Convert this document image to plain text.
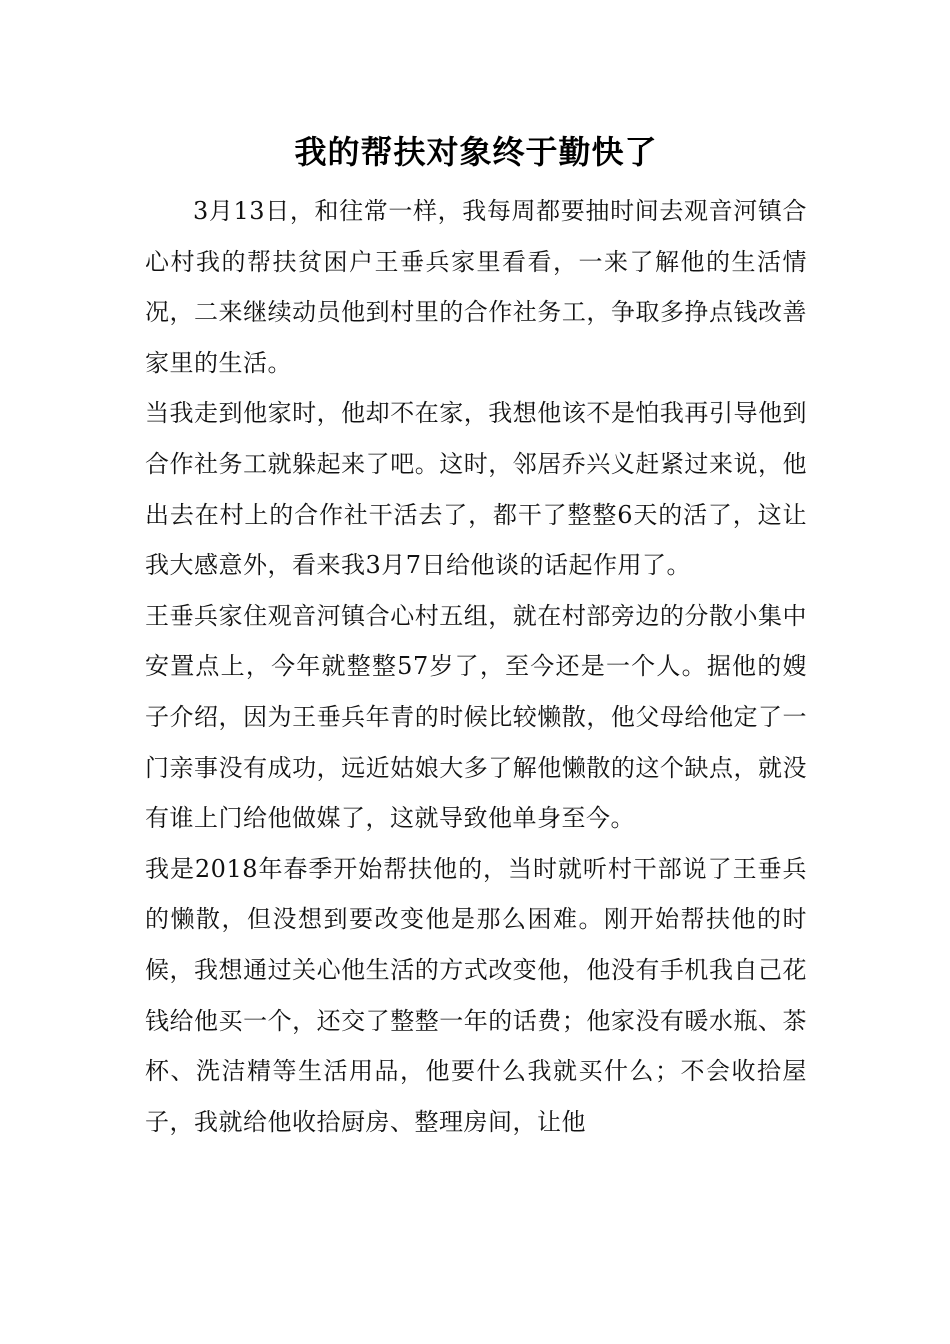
我的帮扶对象终于勤快了

3月13日，和往常一样，我每周都要抽时间去观音河镇合心村我的帮扶贫困户王垂兵家里看看，一来了解他的生活情况，二来继续动员他到村里的合作社务工，争取多挣点钱改善家里的生活。

当我走到他家时，他却不在家，我想他该不是怕我再引导他到合作社务工就躲起来了吧。这时，邻居乔兴义赶紧过来说，他出去在村上的合作社干活去了，都干了整整6天的活了，这让我大感意外，看来我3月7日给他谈的话起作用了。

王垂兵家住观音河镇合心村五组，就在村部旁边的分散小集中安置点上，今年就整整57岁了，至今还是一个人。据他的嫂子介绍，因为王垂兵年青的时候比较懒散，他父母给他定了一门亲事没有成功，远近姑娘大多了解他懒散的这个缺点，就没有谁上门给他做媒了，这就导致他单身至今。

我是2018年春季开始帮扶他的，当时就听村干部说了王垂兵的懒散，但没想到要改变他是那么困难。刚开始帮扶他的时候，我想通过关心他生活的方式改变他，他没有手机我自己花钱给他买一个，还交了整整一年的话费；他家没有暖水瓶、茶杯、洗洁精等生活用品，他要什么我就买什么；不会收拾屋子，我就给他收拾厨房、整理房间，让他
